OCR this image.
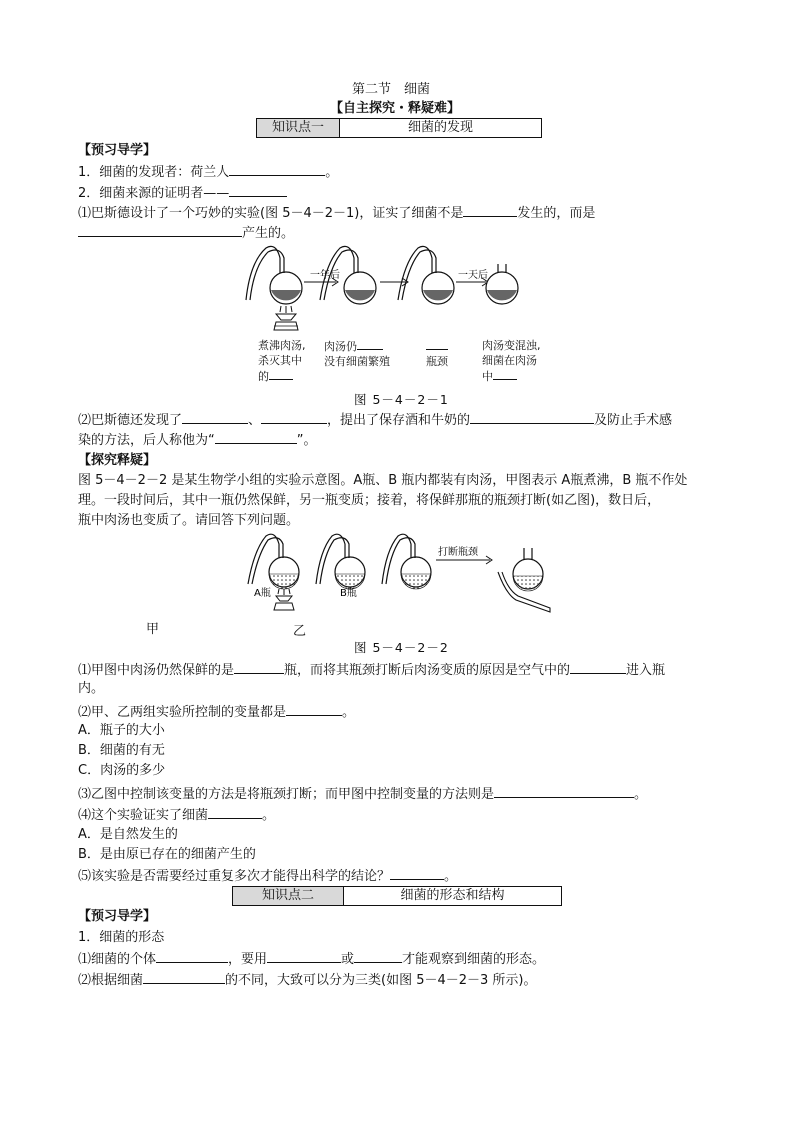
第二节　细菌
【自主探究・释疑难】
知识点一	细菌的发现
【预习导学】
1．细菌的发现者：荷兰人	。
2．细菌来源的证明者——
⑴巴斯德设计了一个巧妙的实验(图 5－4－2－1)，证实了细菌不是	发生的，而是
产生的。
一年后	一天后
煮沸肉汤,
杀灭其中
的
肉汤仍
没有细菌繁殖	瓶颈
肉汤变混浊,
细菌在肉汤
中
图 5－4－2－1
⑵巴斯德还发现了	、	，提出了保存酒和牛奶的	及防止手术感
染的方法，后人称他为“	”。
【探究释疑】
图 5－4－2－2 是某生物学小组的实验示意图。A瓶、B 瓶内都装有肉汤，甲图表示 A瓶煮沸，B 瓶不作处
理。一段时间后，其中一瓶仍然保鲜，另一瓶变质；接着，将保鲜那瓶的瓶颈打断(如乙图)，数日后，
瓶中肉汤也变质了。请回答下列问题。
A瓶	B瓶
打断瓶颈
甲	乙
图 5－4－2－2
⑴甲图中肉汤仍然保鲜的是	瓶，而将其瓶颈打断后肉汤变质的原因是空气中的	进入瓶
内。
⑵甲、乙两组实验所控制的变量都是	。
A．瓶子的大小
B．细菌的有无
C．肉汤的多少
⑶乙图中控制该变量的方法是将瓶颈打断；而甲图中控制变量的方法则是	。
⑷这个实验证实了细菌	。
A．是自然发生的
B．是由原已存在的细菌产生的
⑸该实验是否需要经过重复多次才能得出科学的结论？	。
知识点二	细菌的形态和结构
【预习导学】
1．细菌的形态
⑴细菌的个体	，要用	或	才能观察到细菌的形态。
⑵根据细菌	的不同，大致可以分为三类(如图 5－4－2－3 所示)。
